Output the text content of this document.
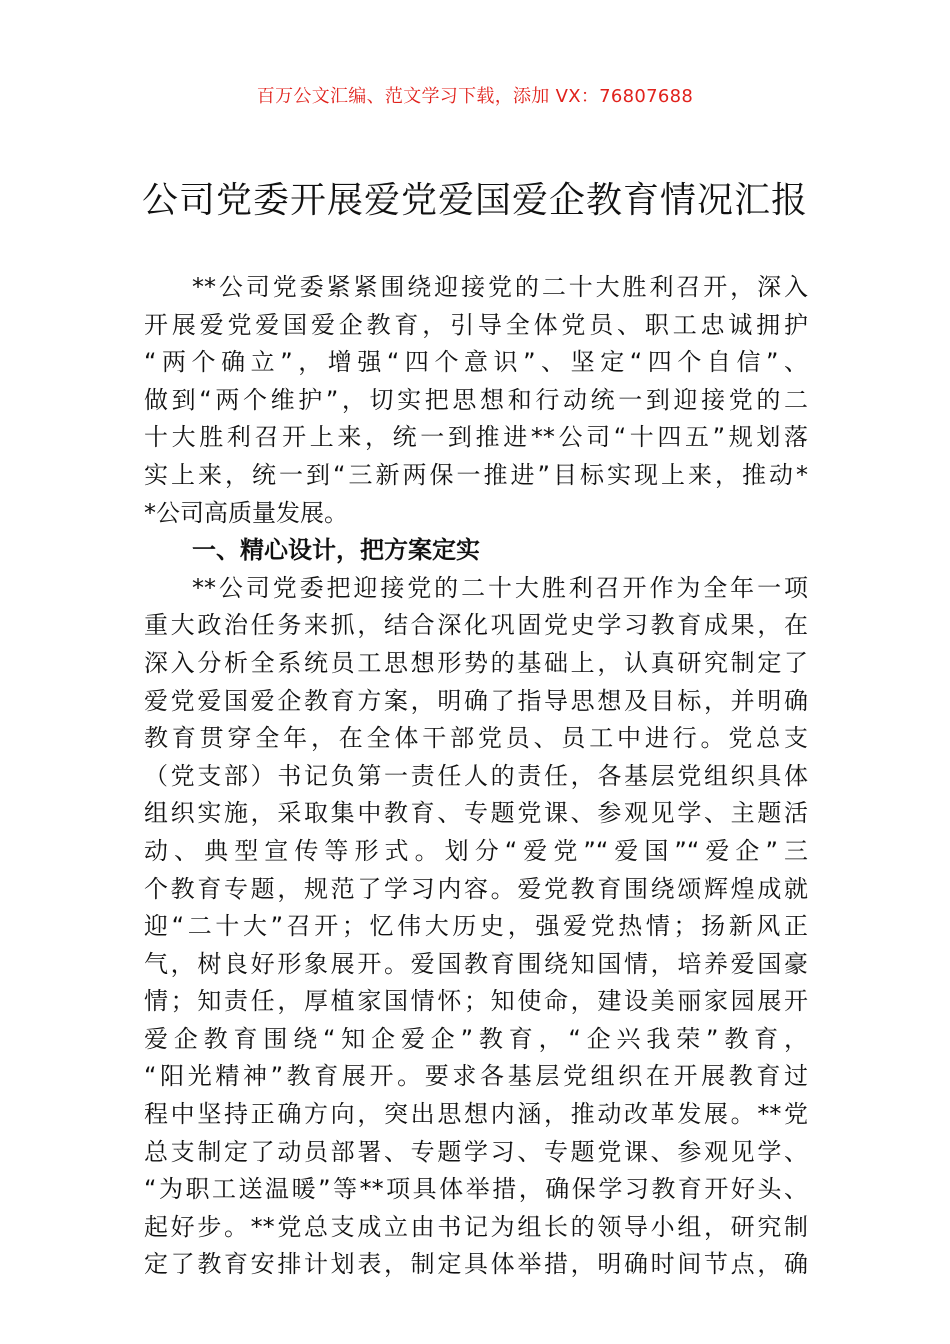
百万公文汇编、范文学习下载，添加 VX：76807688
公司党委开展爱党爱国爱企教育情况汇报
**公司党委紧紧围绕迎接党的二十大胜利召开，深入
开展爱党爱国爱企教育，引导全体党员、职工忠诚拥护
“两个确立”，增强“四个意识”、坚定“四个自信”、
做到“两个维护”，切实把思想和行动统一到迎接党的二
十大胜利召开上来，统一到推进**公司“十四五”规划落
实上来，统一到“三新两保一推进”目标实现上来，推动*
*公司高质量发展。
一、精心设计，把方案定实
**公司党委把迎接党的二十大胜利召开作为全年一项
重大政治任务来抓，结合深化巩固党史学习教育成果，在
深入分析全系统员工思想形势的基础上，认真研究制定了
爱党爱国爱企教育方案，明确了指导思想及目标，并明确
教育贯穿全年，在全体干部党员、员工中进行。党总支
（党支部）书记负第一责任人的责任，各基层党组织具体
组织实施，采取集中教育、专题党课、参观见学、主题活
动、典型宣传等形式。划分“爱党”“爱国”“爱企”三
个教育专题，规范了学习内容。爱党教育围绕颂辉煌成就
迎“二十大”召开；忆伟大历史，强爱党热情；扬新风正
气，树良好形象展开。爱国教育围绕知国情，培养爱国豪
情；知责任，厚植家国情怀；知使命，建设美丽家园展开
爱企教育围绕“知企爱企”教育，“企兴我荣”教育，
“阳光精神”教育展开。要求各基层党组织在开展教育过
程中坚持正确方向，突出思想内涵，推动改革发展。**党
总支制定了动员部署、专题学习、专题党课、参观见学、
“为职工送温暖”等**项具体举措，确保学习教育开好头、
起好步。**党总支成立由书记为组长的领导小组，研究制
定了教育安排计划表，制定具体举措，明确时间节点，确
